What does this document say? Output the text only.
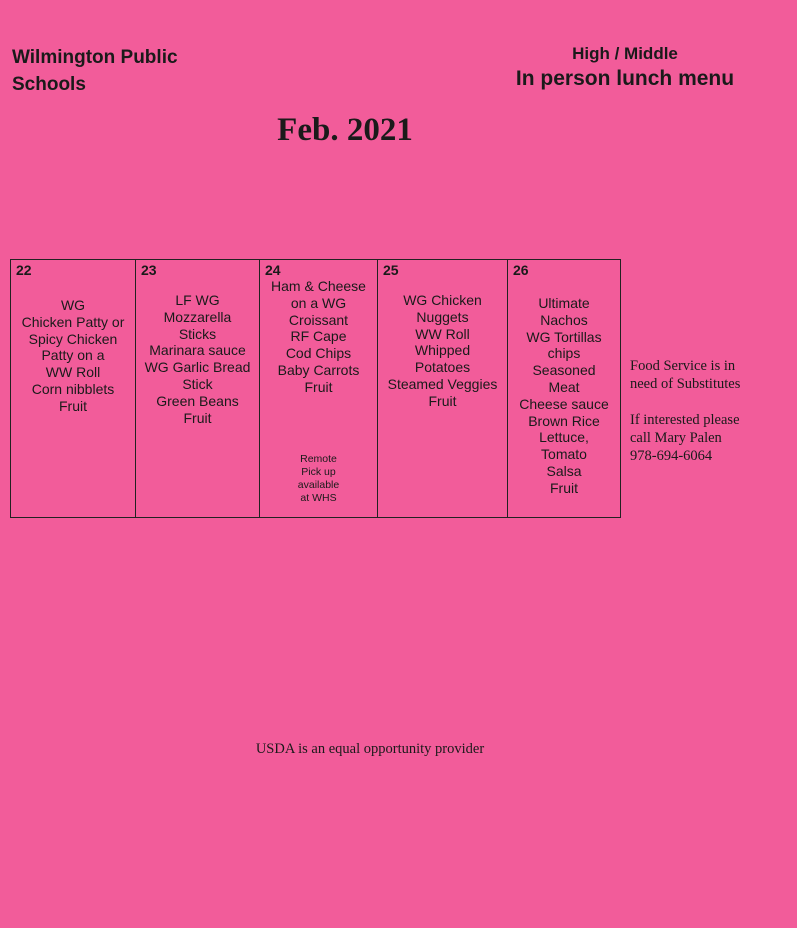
Wilmington Public Schools
High / Middle
In person lunch menu
Feb. 2021
22
WG
Chicken Patty or
Spicy Chicken
Patty on a
WW Roll
Corn nibblets
Fruit
23
LF WG
Mozzarella
Sticks
Marinara sauce
WG Garlic Bread
Stick
Green Beans
Fruit
24
Ham & Cheese
on a WG
Croissant
RF Cape
Cod Chips
Baby Carrots
Fruit
Remote
Pick up
available
at WHS
25
WG Chicken
Nuggets
WW Roll
Whipped
Potatoes
Steamed Veggies
Fruit
26
Ultimate
Nachos
WG Tortillas
chips
Seasoned
Meat
Cheese sauce
Brown Rice
Lettuce,
Tomato
Salsa
Fruit
Food Service is in
need of Substitutes
If interested please
call Mary Palen
978-694-6064
USDA is an equal opportunity provider
